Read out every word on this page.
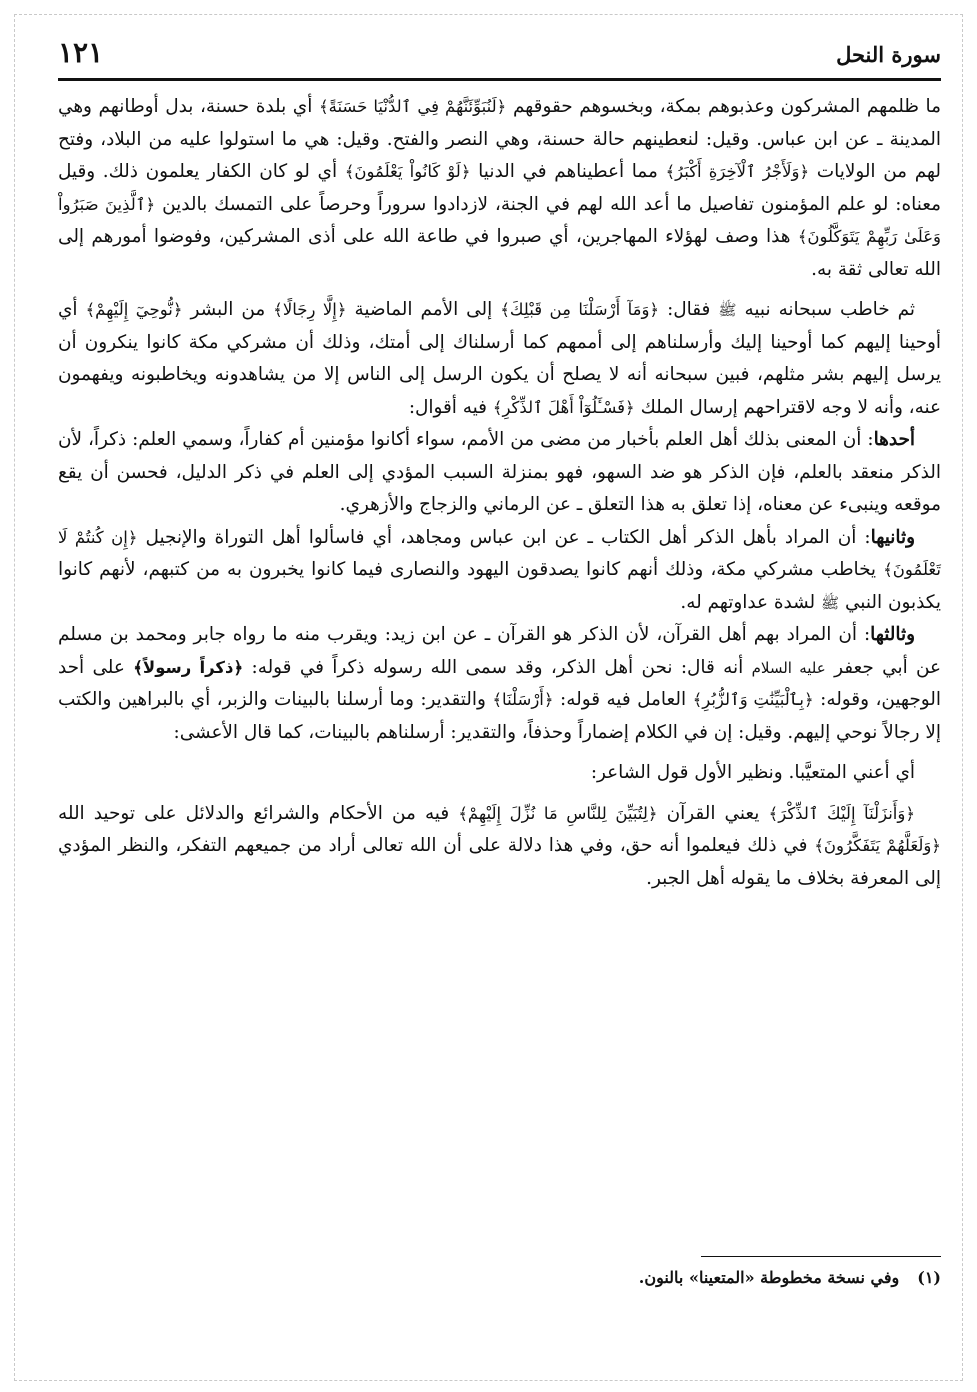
سورة النحل
١٢١

ما ظلمهم المشركون وعذبوهم بمكة، وبخسوهم حقوقهم ﴿لَنُبَوِّئَنَّهُمْ فِي ٱلدُّنْيَا حَسَنَةً﴾ أي بلدة حسنة، بدل أوطانهم وهي المدينة ـ عن ابن عباس. وقيل: لنعطينهم حالة حسنة، وهي النصر والفتح. وقيل: هي ما استولوا عليه من البلاد، وفتح لهم من الولايات ﴿وَلَأَجْرُ ٱلْآخِرَةِ أَكْبَرُ﴾ مما أعطيناهم في الدنيا ﴿لَوْ كَانُواْ يَعْلَمُونَ﴾ أي لو كان الكفار يعلمون ذلك. وقيل معناه: لو علم المؤمنون تفاصيل ما أعد الله لهم في الجنة، لازدادوا سروراً وحرصاً على التمسك بالدين ﴿ٱلَّذِينَ صَبَرُواْ وَعَلَىٰ رَبِّهِمْ يَتَوَكَّلُونَ﴾ هذا وصف لهؤلاء المهاجرين، أي صبروا في طاعة الله على أذى المشركين، وفوضوا أمورهم إلى الله تعالى ثقة به.

ثم خاطب سبحانه نبيه ﷺ فقال: ﴿وَمَآ أَرْسَلْنَا مِن قَبْلِكَ﴾ إلى الأمم الماضية ﴿إِلَّا رِجَالًا﴾ من البشر ﴿نُّوحِيٓ إِلَيْهِمْ﴾ أي أوحينا إليهم كما أوحينا إليك وأرسلناهم إلى أممهم كما أرسلناك إلى أمتك، وذلك أن مشركي مكة كانوا ينكرون أن يرسل إليهم بشر مثلهم، فبين سبحانه أنه لا يصلح أن يكون الرسل إلى الناس إلا من يشاهدونه ويخاطبونه ويفهمون عنه، وأنه لا وجه لاقتراحهم إرسال الملك ﴿فَسْـَٔلُوٓاْ أَهْلَ ٱلذِّكْرِ﴾ فيه أقوال:

أحدها: أن المعنى بذلك أهل العلم بأخبار من مضى من الأمم، سواء أكانوا مؤمنين أم كفاراً، وسمي العلم: ذكراً، لأن الذكر منعقد بالعلم، فإن الذكر هو ضد السهو، فهو بمنزلة السبب المؤدي إلى العلم في ذكر الدليل، فحسن أن يقع موقعه وينبىء عن معناه، إذا تعلق به هذا التعلق ـ عن الرماني والزجاج والأزهري.

وثانيها: أن المراد بأهل الذكر أهل الكتاب ـ عن ابن عباس ومجاهد، أي فاسألوا أهل التوراة والإنجيل ﴿إِن كُنتُمْ لَا تَعْلَمُونَ﴾ يخاطب مشركي مكة، وذلك أنهم كانوا يصدقون اليهود والنصارى فيما كانوا يخبرون به من كتبهم، لأنهم كانوا يكذبون النبي ﷺ لشدة عداوتهم له.

وثالثها: أن المراد بهم أهل القرآن، لأن الذكر هو القرآن ـ عن ابن زيد: ويقرب منه ما رواه جابر ومحمد بن مسلم عن أبي جعفر عليه السلام أنه قال: نحن أهل الذكر، وقد سمى الله رسوله ذكراً في قوله: ﴿ذكراً رسولاً﴾ على أحد الوجهين، وقوله: ﴿بِٱلْبَيِّنَٰتِ وَٱلزُّبُرِ﴾ العامل فيه قوله: ﴿أَرْسَلْنَا﴾ والتقدير: وما أرسلنا بالبينات والزبر، أي بالبراهين والكتب إلا رجالاً نوحي إليهم. وقيل: إن في الكلام إضماراً وحذفاً، والتقدير: أرسلناهم بالبينات، كما قال الأعشى:

أي أعني المتعيَّبا. ونظير الأول قول الشاعر:

﴿وَأَنزَلْنَآ إِلَيْكَ ٱلذِّكْرَ﴾ يعني القرآن ﴿لِتُبَيِّنَ لِلنَّاسِ مَا نُزِّلَ إِلَيْهِمْ﴾ فيه من الأحكام والشرائع والدلائل على توحيد الله ﴿وَلَعَلَّهُمْ يَتَفَكَّرُونَ﴾ في ذلك فيعلموا أنه حق، وفي هذا دلالة على أن الله تعالى أراد من جميعهم التفكر، والنظر المؤدي إلى المعرفة بخلاف ما يقوله أهل الجبر.

(١)وفي نسخة مخطوطة «المتعينا» بالنون.
